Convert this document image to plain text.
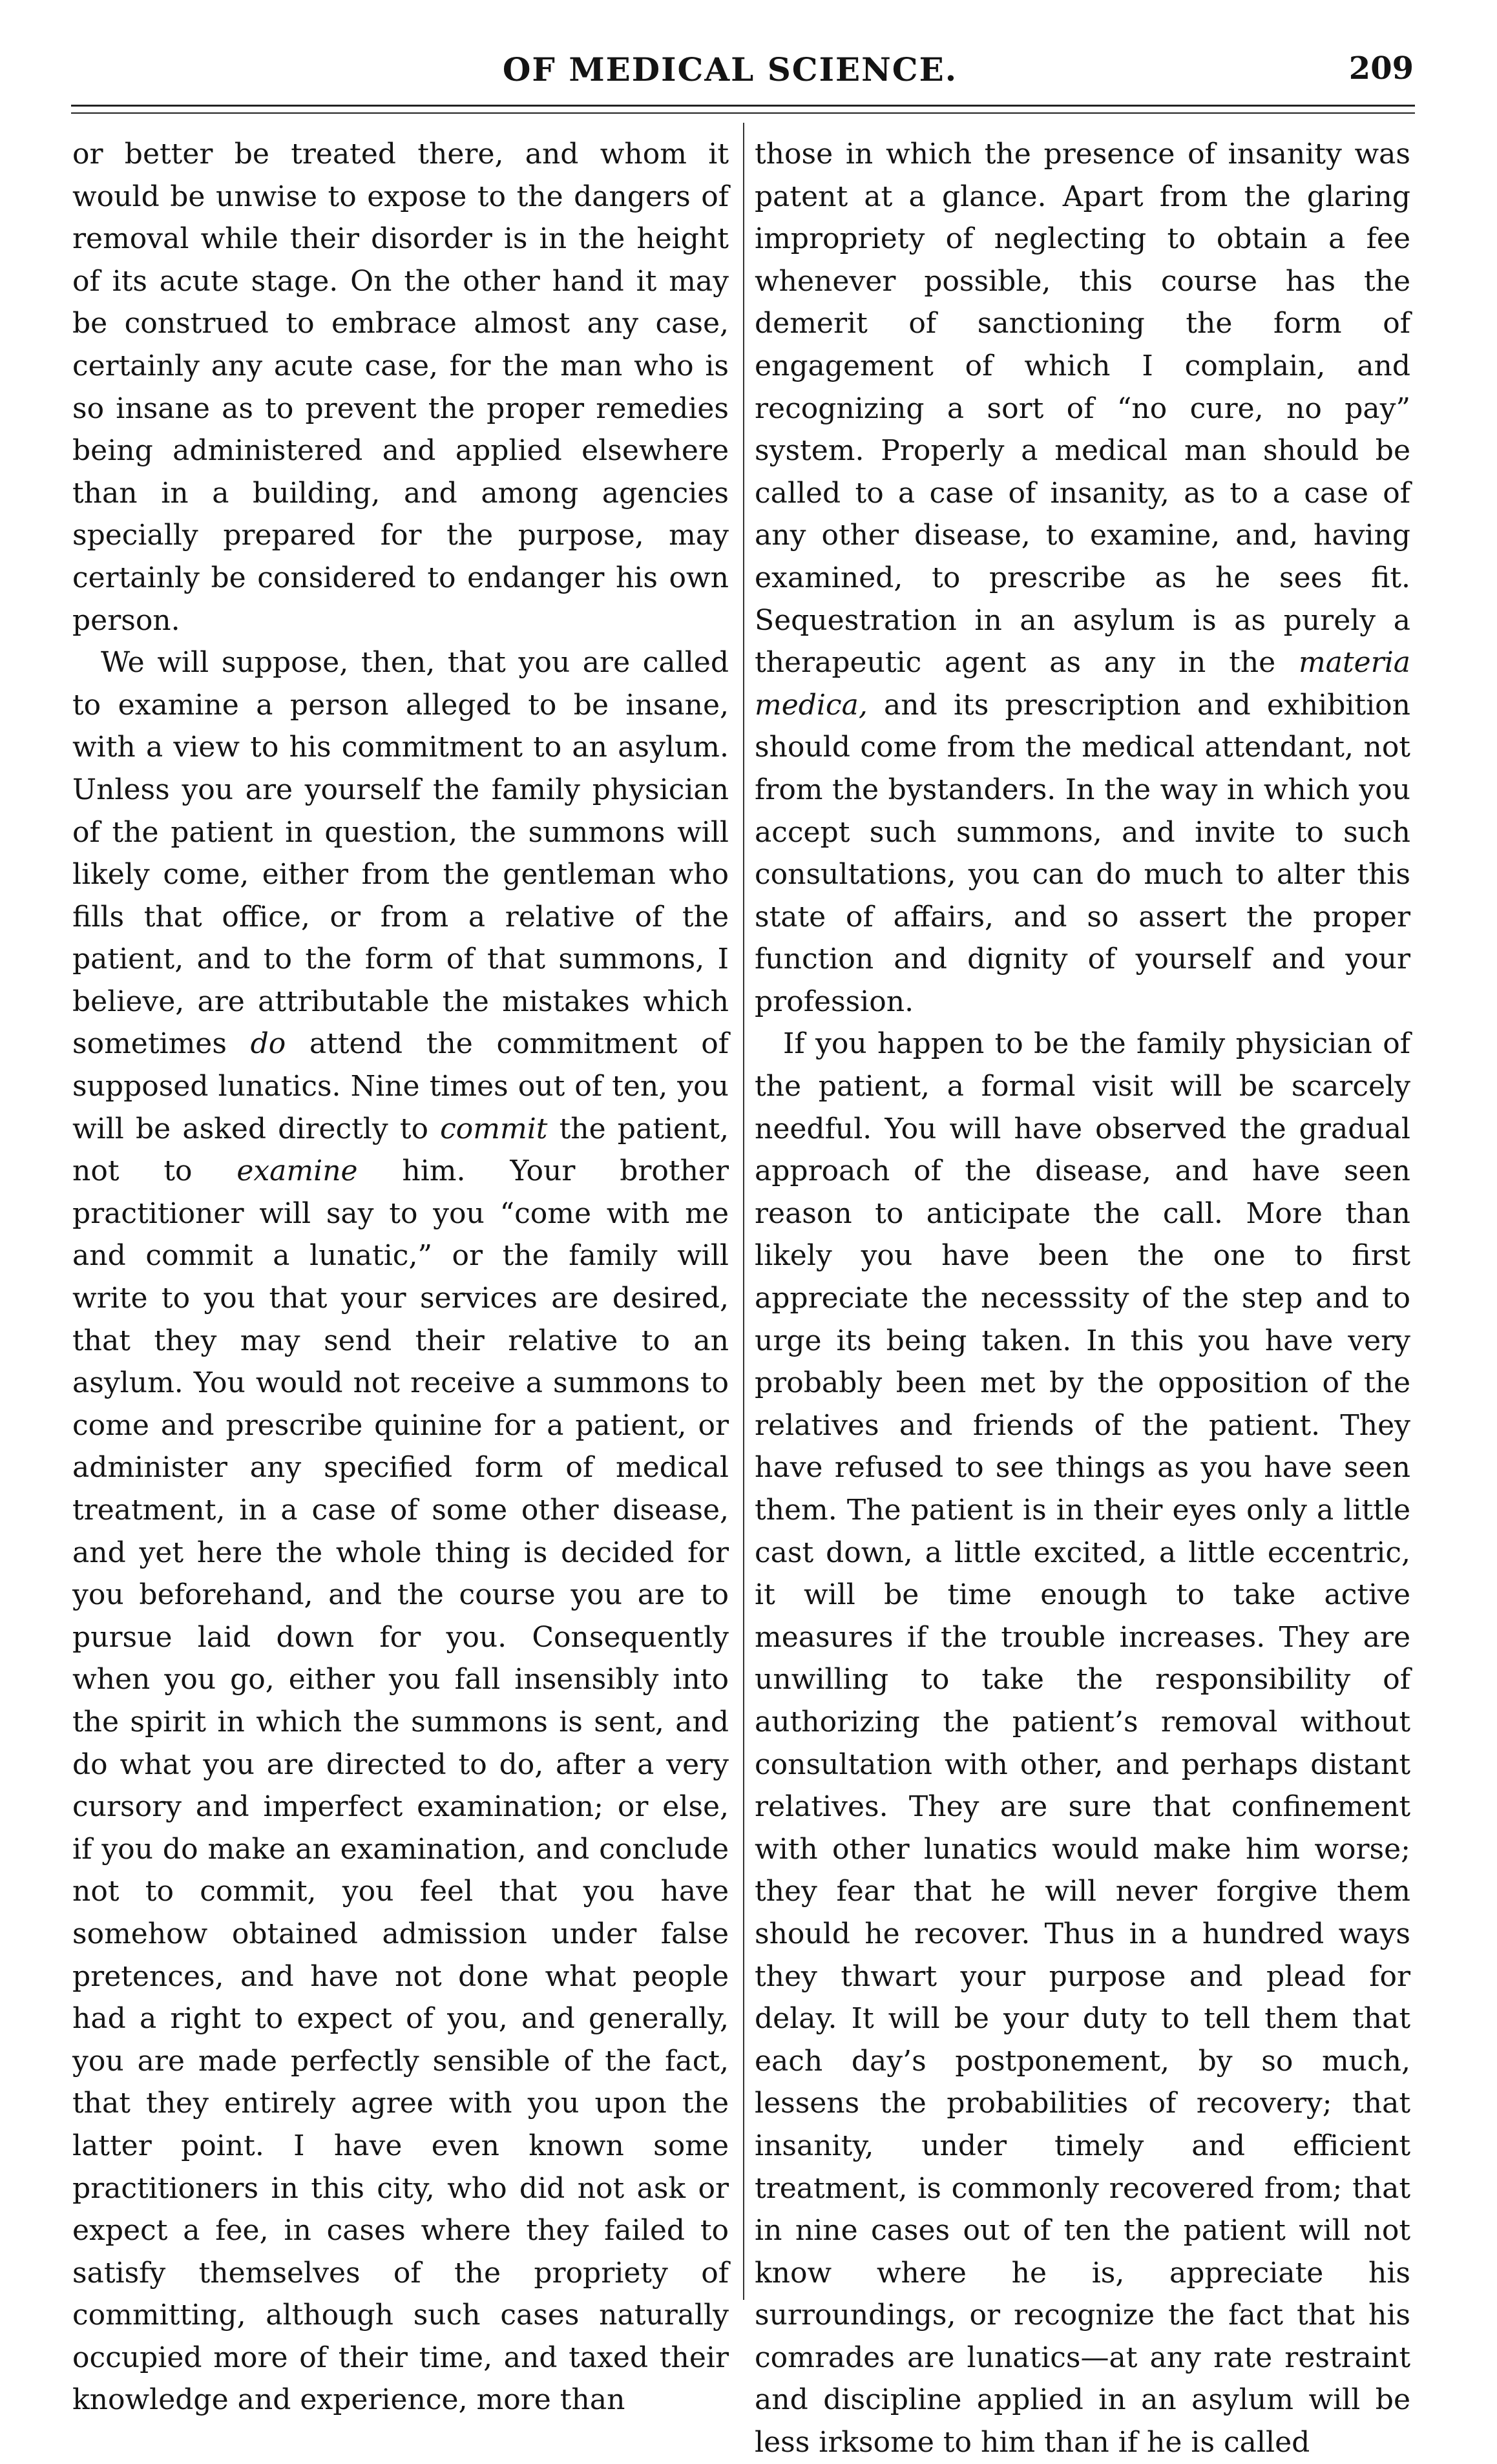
OF MEDICAL SCIENCE.	209

or better be treated there, and whom it would be unwise to expose to the dangers of removal while their disorder is in the height of its acute stage. On the other hand it may be construed to embrace almost any case, certainly any acute case, for the man who is so insane as to prevent the proper remedies being administered and applied elsewhere than in a building, and among agencies specially prepared for the purpose, may certainly be considered to endanger his own person.

We will suppose, then, that you are called to examine a person alleged to be insane, with a view to his commitment to an asylum. Unless you are yourself the family physician of the patient in question, the summons will likely come, either from the gentleman who fills that office, or from a relative of the patient, and to the form of that summons, I believe, are attributable the mistakes which sometimes do attend the commitment of supposed lunatics. Nine times out of ten, you will be asked directly to commit the patient, not to examine him. Your brother practitioner will say to you “come with me and commit a lunatic,” or the family will write to you that your services are desired, that they may send their relative to an asylum. You would not receive a summons to come and prescribe quinine for a patient, or administer any specified form of medical treatment, in a case of some other disease, and yet here the whole thing is decided for you beforehand, and the course you are to pursue laid down for you. Consequently when you go, either you fall insensibly into the spirit in which the summons is sent, and do what you are directed to do, after a very cursory and imperfect examination; or else, if you do make an examination, and conclude not to commit, you feel that you have somehow obtained admission under false pretences, and have not done what people had a right to expect of you, and generally, you are made perfectly sensible of the fact, that they entirely agree with you upon the latter point. I have even known some practitioners in this city, who did not ask or expect a fee, in cases where they failed to satisfy themselves of the propriety of committing, although such cases naturally occupied more of their time, and taxed their knowledge and experience, more than

those in which the presence of insanity was patent at a glance. Apart from the glaring impropriety of neglecting to obtain a fee whenever possible, this course has the demerit of sanctioning the form of engagement of which I complain, and recognizing a sort of “no cure, no pay” system. Properly a medical man should be called to a case of insanity, as to a case of any other disease, to examine, and, having examined, to prescribe as he sees fit. Sequestration in an asylum is as purely a therapeutic agent as any in the materia medica, and its prescription and exhibition should come from the medical attendant, not from the bystanders. In the way in which you accept such summons, and invite to such consultations, you can do much to alter this state of affairs, and so assert the proper function and dignity of yourself and your profession.

If you happen to be the family physician of the patient, a formal visit will be scarcely needful. You will have observed the gradual approach of the disease, and have seen reason to anticipate the call. More than likely you have been the one to first appreciate the necesssity of the step and to urge its being taken. In this you have very probably been met by the opposition of the relatives and friends of the patient. They have refused to see things as you have seen them. The patient is in their eyes only a little cast down, a little excited, a little eccentric, it will be time enough to take active measures if the trouble increases. They are unwilling to take the responsibility of authorizing the patient’s removal without consultation with other, and perhaps distant relatives. They are sure that confinement with other lunatics would make him worse; they fear that he will never forgive them should he recover. Thus in a hundred ways they thwart your purpose and plead for delay. It will be your duty to tell them that each day’s postponement, by so much, lessens the probabilities of recovery; that insanity, under timely and efficient treatment, is commonly recovered from; that in nine cases out of ten the patient will not know where he is, appreciate his surroundings, or recognize the fact that his comrades are lunatics—at any rate restraint and discipline applied in an asylum will be less irksome to him than if he is called
